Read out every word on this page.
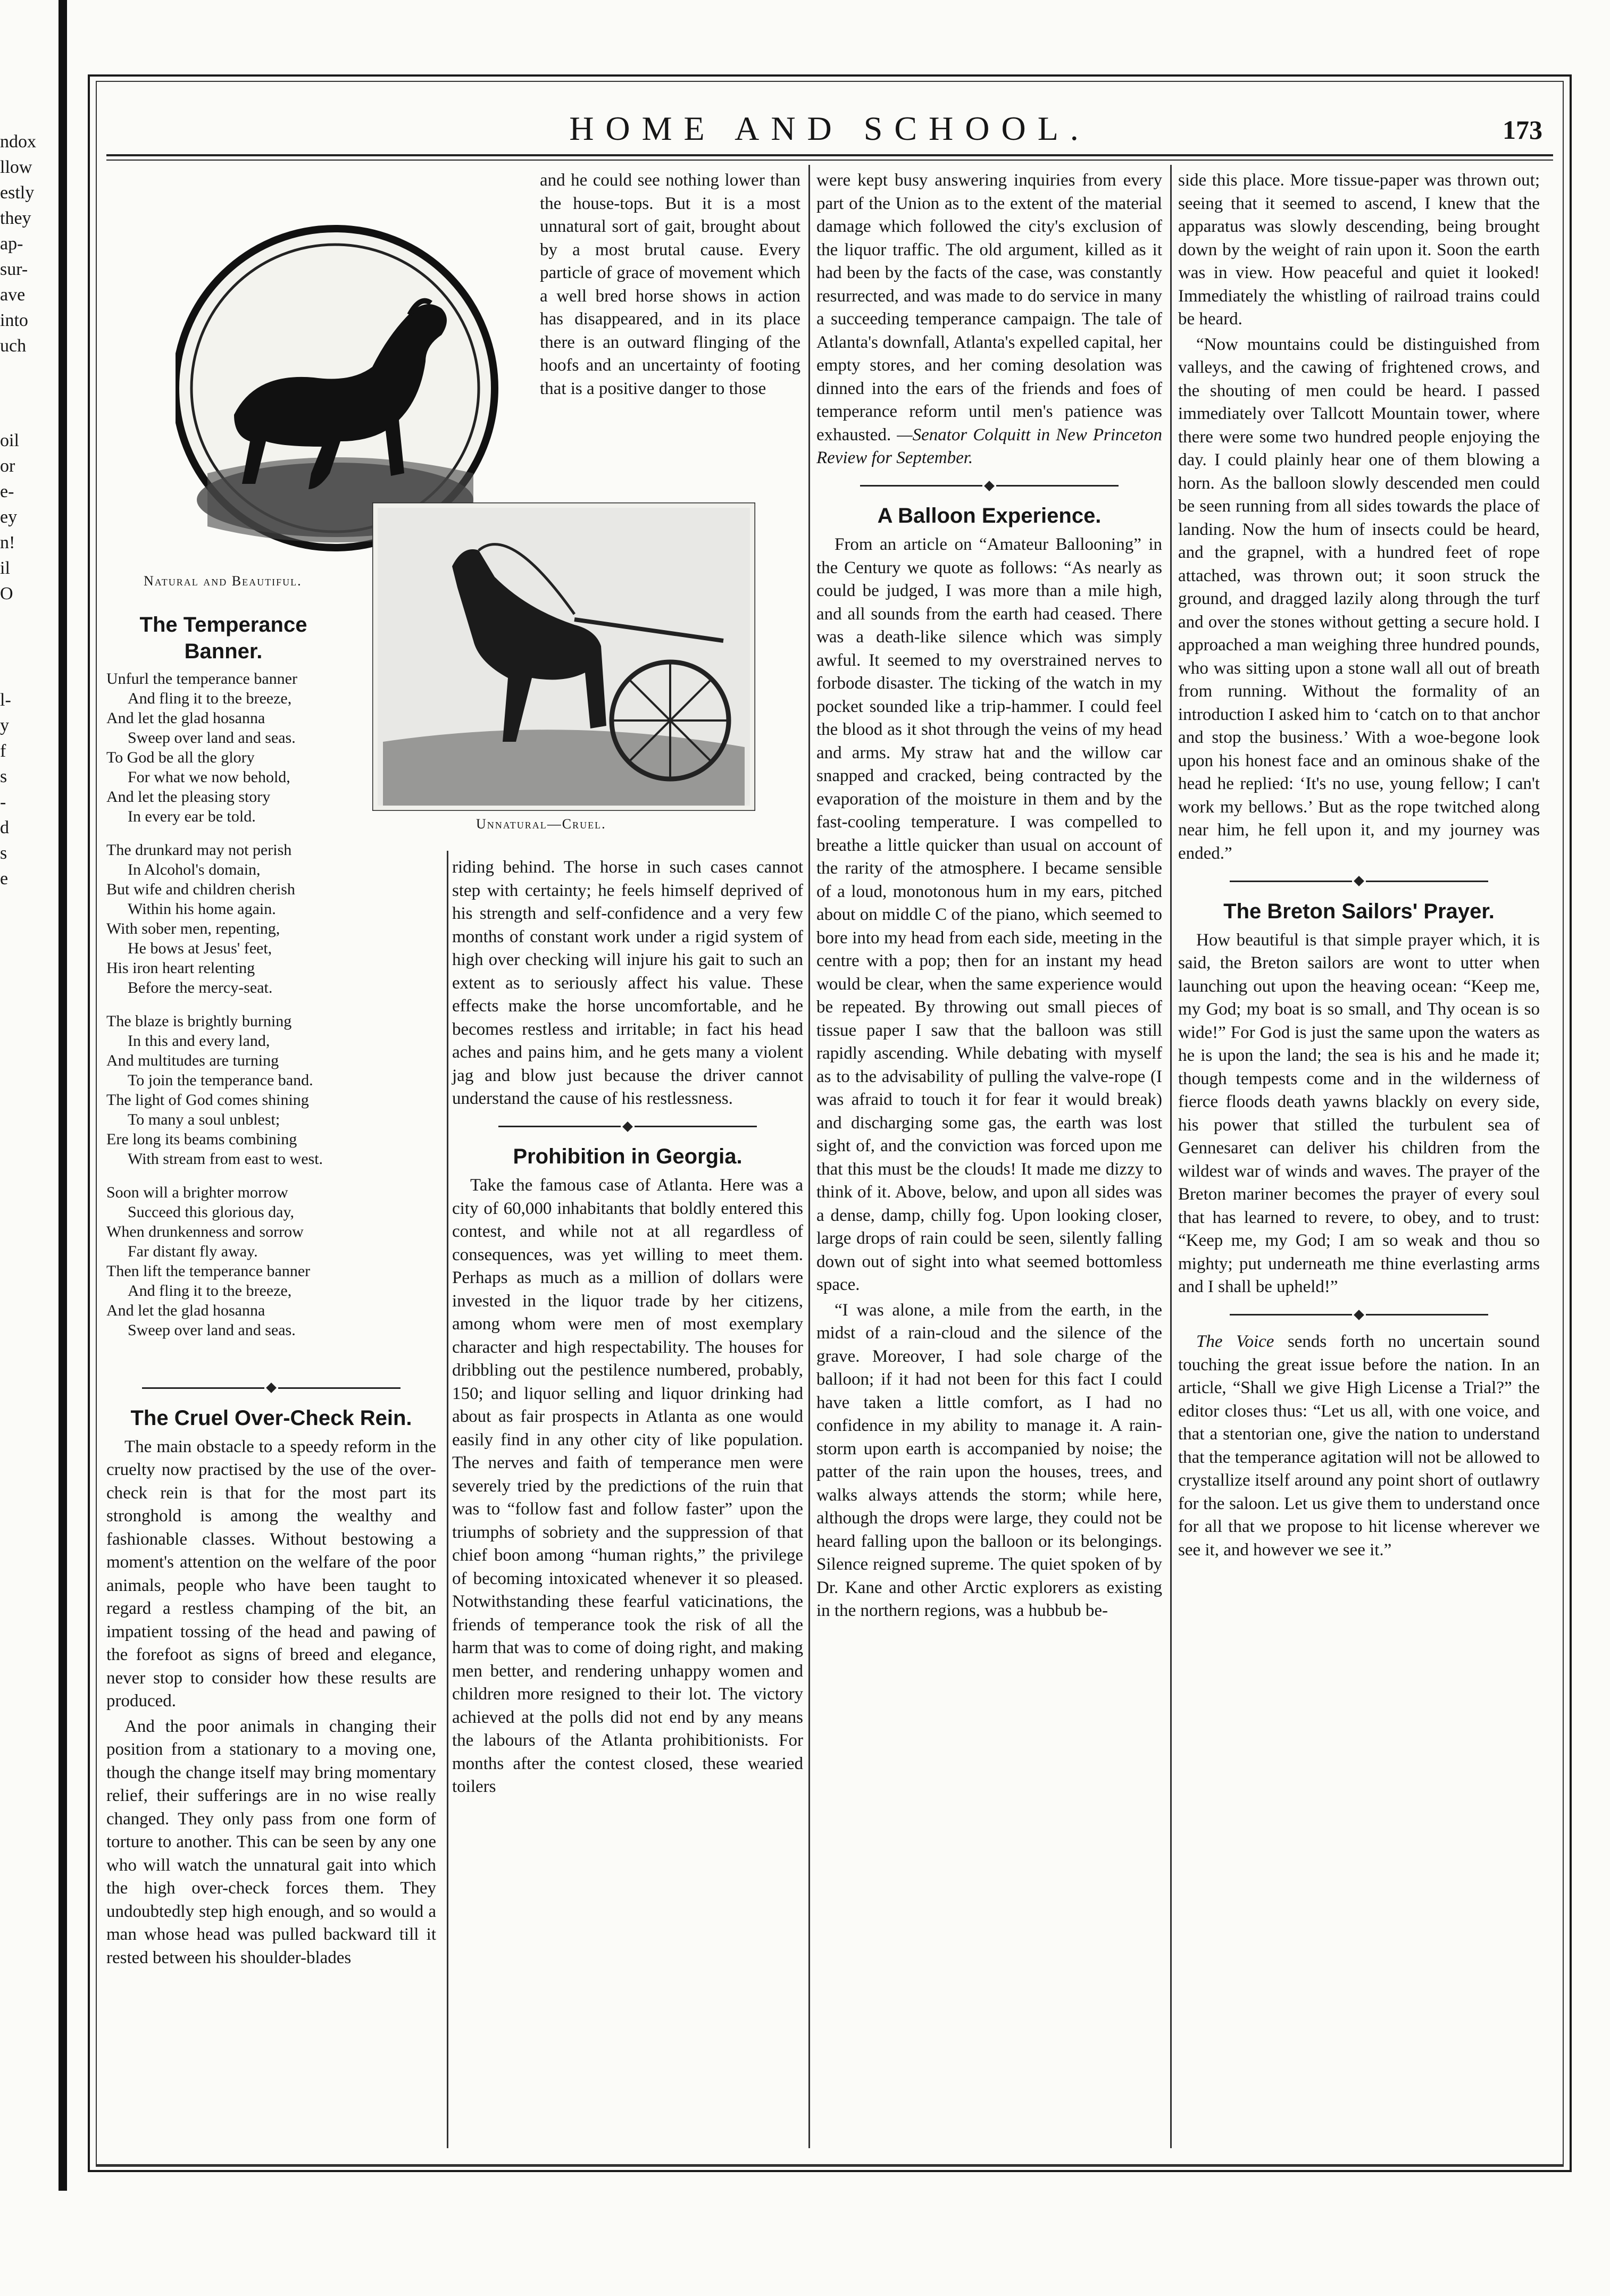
ndox
llow
estly
they
ap-
sur-
ave
into
uch
oil
or
e-
ey
n!
il
O
l-
y
f
s
-
d
s
e
HOME AND SCHOOL.	173
Natural and Beautiful.
Unnatural—Cruel.
The Temperance Banner.
Unfurl the temperance banner
And fling it to the breeze,
And let the glad hosanna
Sweep over land and seas.
To God be all the glory
For what we now behold,
And let the pleasing story
In every ear be told.
The drunkard may not perish
In Alcohol's domain,
But wife and children cherish
Within his home again.
With sober men, repenting,
He bows at Jesus' feet,
His iron heart relenting
Before the mercy-seat.
The blaze is brightly burning
In this and every land,
And multitudes are turning
To join the temperance band.
The light of God comes shining
To many a soul unblest;
Ere long its beams combining
With stream from east to west.
Soon will a brighter morrow
Succeed this glorious day,
When drunkenness and sorrow
Far distant fly away.
Then lift the temperance banner
And fling it to the breeze,
And let the glad hosanna
Sweep over land and seas.
The Cruel Over-Check Rein.

The main obstacle to a speedy reform in the cruelty now practised by the use of the over-check rein is that for the most part its stronghold is among the wealthy and fashionable classes. Without bestowing a moment's attention on the welfare of the poor animals, people who have been taught to regard a restless champing of the bit, an impatient tossing of the head and pawing of the forefoot as signs of breed and elegance, never stop to consider how these results are produced.

And the poor animals in changing their position from a stationary to a moving one, though the change itself may bring momentary relief, their sufferings are in no wise really changed. They only pass from one form of torture to another. This can be seen by any one who will watch the unnatural gait into which the high over-check forces them. They undoubtedly step high enough, and so would a man whose head was pulled backward till it rested between his shoulder-blades

and he could see nothing lower than the house-tops. But it is a most unnatural sort of gait, brought about by a most brutal cause. Every particle of grace of movement which a well bred horse shows in action has disappeared, and in its place there is an outward flinging of the hoofs and an uncertainty of footing that is a positive danger to those

riding behind. The horse in such cases cannot step with certainty; he feels himself deprived of his strength and self-confidence and a very few months of constant work under a rigid system of high over checking will injure his gait to such an extent as to seriously affect his value. These effects make the horse uncomfortable, and he becomes restless and irritable; in fact his head aches and pains him, and he gets many a violent jag and blow just because the driver cannot understand the cause of his restlessness.

Prohibition in Georgia.

Take the famous case of Atlanta. Here was a city of 60,000 inhabitants that boldly entered this contest, and while not at all regardless of consequences, was yet willing to meet them. Perhaps as much as a million of dollars were invested in the liquor trade by her citizens, among whom were men of most exemplary character and high respectability. The houses for dribbling out the pestilence numbered, probably, 150; and liquor selling and liquor drinking had about as fair prospects in Atlanta as one would easily find in any other city of like population. The nerves and faith of temperance men were severely tried by the predictions of the ruin that was to “follow fast and follow faster” upon the triumphs of sobriety and the suppression of that chief boon among “human rights,” the privilege of becoming intoxicated whenever it so pleased. Notwithstanding these fearful vaticinations, the friends of temperance took the risk of all the harm that was to come of doing right, and making men better, and rendering unhappy women and children more resigned to their lot. The victory achieved at the polls did not end by any means the labours of the Atlanta prohibitionists. For months after the contest closed, these wearied toilers

were kept busy answering inquiries from every part of the Union as to the extent of the material damage which followed the city's exclusion of the liquor traffic. The old argument, killed as it had been by the facts of the case, was constantly resurrected, and was made to do service in many a succeeding temperance campaign. The tale of Atlanta's downfall, Atlanta's expelled capital, her empty stores, and her coming desolation was dinned into the ears of the friends and foes of temperance reform until men's patience was exhausted. —Senator Colquitt in New Princeton Review for September.

A Balloon Experience.

From an article on “Amateur Ballooning” in the Century we quote as follows: “As nearly as could be judged, I was more than a mile high, and all sounds from the earth had ceased. There was a death-like silence which was simply awful. It seemed to my overstrained nerves to forbode disaster. The ticking of the watch in my pocket sounded like a trip-hammer. I could feel the blood as it shot through the veins of my head and arms. My straw hat and the willow car snapped and cracked, being contracted by the evaporation of the moisture in them and by the fast-cooling temperature. I was compelled to breathe a little quicker than usual on account of the rarity of the atmosphere. I became sensible of a loud, monotonous hum in my ears, pitched about on middle C of the piano, which seemed to bore into my head from each side, meeting in the centre with a pop; then for an instant my head would be clear, when the same experience would be repeated. By throwing out small pieces of tissue paper I saw that the balloon was still rapidly ascending. While debating with myself as to the advisability of pulling the valve-rope (I was afraid to touch it for fear it would break) and discharging some gas, the earth was lost sight of, and the conviction was forced upon me that this must be the clouds! It made me dizzy to think of it. Above, below, and upon all sides was a dense, damp, chilly fog. Upon looking closer, large drops of rain could be seen, silently falling down out of sight into what seemed bottomless space.

“I was alone, a mile from the earth, in the midst of a rain-cloud and the silence of the grave. Moreover, I had sole charge of the balloon; if it had not been for this fact I could have taken a little comfort, as I had no confidence in my ability to manage it. A rain-storm upon earth is accompanied by noise; the patter of the rain upon the houses, trees, and walks always attends the storm; while here, although the drops were large, they could not be heard falling upon the balloon or its belongings. Silence reigned supreme. The quiet spoken of by Dr. Kane and other Arctic explorers as existing in the northern regions, was a hubbub be-

side this place. More tissue-paper was thrown out; seeing that it seemed to ascend, I knew that the apparatus was slowly descending, being brought down by the weight of rain upon it. Soon the earth was in view. How peaceful and quiet it looked! Immediately the whistling of railroad trains could be heard.

“Now mountains could be distinguished from valleys, and the cawing of frightened crows, and the shouting of men could be heard. I passed immediately over Tallcott Mountain tower, where there were some two hundred people enjoying the day. I could plainly hear one of them blowing a horn. As the balloon slowly descended men could be seen running from all sides towards the place of landing. Now the hum of insects could be heard, and the grapnel, with a hundred feet of rope attached, was thrown out; it soon struck the ground, and dragged lazily along through the turf and over the stones without getting a secure hold. I approached a man weighing three hundred pounds, who was sitting upon a stone wall all out of breath from running. Without the formality of an introduction I asked him to ‘catch on to that anchor and stop the business.’ With a woe-begone look upon his honest face and an ominous shake of the head he replied: ‘It's no use, young fellow; I can't work my bellows.’ But as the rope twitched along near him, he fell upon it, and my journey was ended.”

The Breton Sailors' Prayer.

How beautiful is that simple prayer which, it is said, the Breton sailors are wont to utter when launching out upon the heaving ocean: “Keep me, my God; my boat is so small, and Thy ocean is so wide!” For God is just the same upon the waters as he is upon the land; the sea is his and he made it; though tempests come and in the wilderness of fierce floods death yawns blackly on every side, his power that stilled the turbulent sea of Gennesaret can deliver his children from the wildest war of winds and waves. The prayer of the Breton mariner becomes the prayer of every soul that has learned to revere, to obey, and to trust: “Keep me, my God; I am so weak and thou so mighty; put underneath me thine everlasting arms and I shall be upheld!”

The Voice sends forth no uncertain sound touching the great issue before the nation. In an article, “Shall we give High License a Trial?” the editor closes thus: “Let us all, with one voice, and that a stentorian one, give the nation to understand that the temperance agitation will not be allowed to crystallize itself around any point short of outlawry for the saloon. Let us give them to understand once for all that we propose to hit license wherever we see it, and however we see it.”
